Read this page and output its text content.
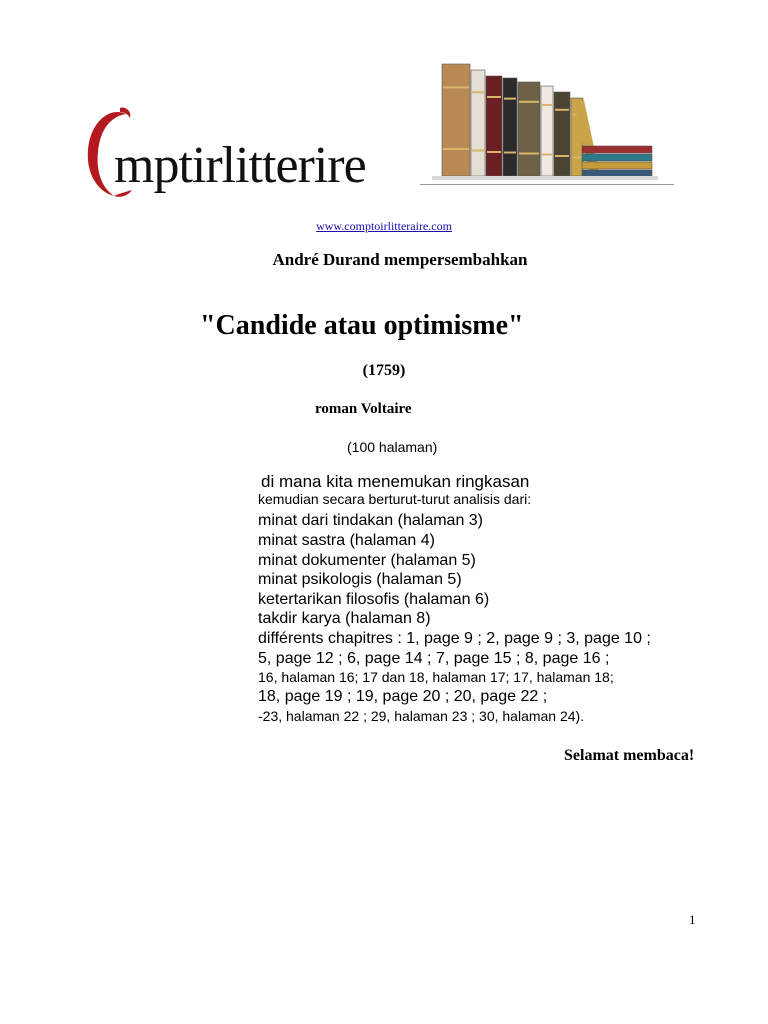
mptirlitterire
www.comptoirlitteraire.com
André Durand mempersembahkan
"Candide atau optimisme"
(1759)
roman Voltaire
(100 halaman)
di mana kita menemukan ringkasan
kemudian secara berturut-turut analisis dari:
minat dari tindakan (halaman 3)
minat sastra (halaman 4)
minat dokumenter (halaman 5)
minat psikologis (halaman 5)
ketertarikan filosofis (halaman 6)
takdir karya (halaman 8)
différents chapitres : 1, page 9 ; 2, page 9 ; 3, page 10 ;
5, page 12 ; 6, page 14 ; 7, page 15 ; 8, page 16 ;
16, halaman 16; 17 dan 18, halaman 17; 17, halaman 18;
18, page 19 ; 19, page 20 ; 20, page 22 ;
-23, halaman 22 ; 29, halaman 23 ; 30, halaman 24).
Selamat membaca!
1
